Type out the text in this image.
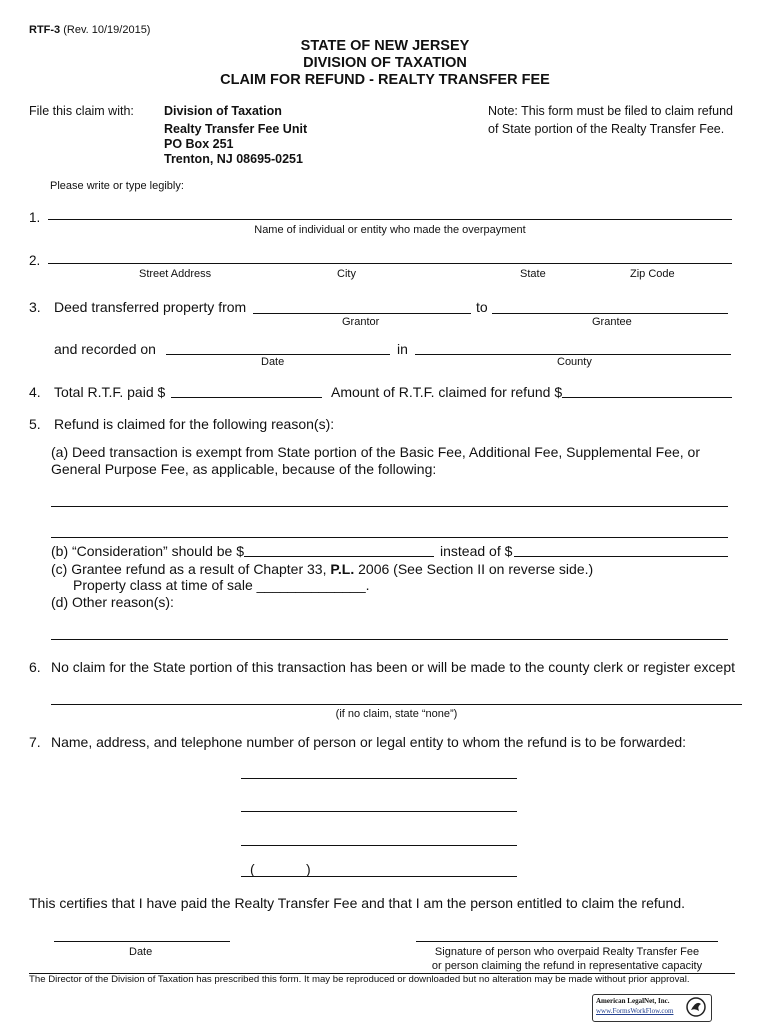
RTF-3 (Rev. 10/19/2015)
STATE OF NEW JERSEY
DIVISION OF TAXATION
CLAIM FOR REFUND - REALTY TRANSFER FEE
File this claim with: Division of Taxation
Realty Transfer Fee Unit
PO Box 251
Trenton, NJ 08695-0251
Note: This form must be filed to claim refund
of State portion of the Realty Transfer Fee.
Please write or type legibly:
1.
Name of individual or entity who made the overpayment
2.
Street Address	City	State	Zip Code
3. Deed transferred property from	to
Grantor	Grantee
and recorded on	in
Date	County
4. Total R.T.F. paid $	Amount of R.T.F. claimed for refund $
5. Refund is claimed for the following reason(s):
(a) Deed transaction is exempt from State portion of the Basic Fee, Additional Fee, Supplemental Fee, or
General Purpose Fee, as applicable, because of the following:
(b) “Consideration” should be $	instead of $
(c) Grantee refund as a result of Chapter 33, P.L. 2006 (See Section II on reverse side.)
Property class at time of sale ______________.
(d) Other reason(s):
6. No claim for the State portion of this transaction has been or will be made to the county clerk or register except
(if no claim, state “none”)
7. Name, address, and telephone number of person or legal entity to whom the refund is to be forwarded:
(	)
This certifies that I have paid the Realty Transfer Fee and that I am the person entitled to claim the refund.
Date	Signature of person who overpaid Realty Transfer Fee
or person claiming the refund in representative capacity
The Director of the Division of Taxation has prescribed this form. It may be reproduced or downloaded but no alteration may be made without prior approval.
American LegalNet, Inc.
www.FormsWorkFlow.com
